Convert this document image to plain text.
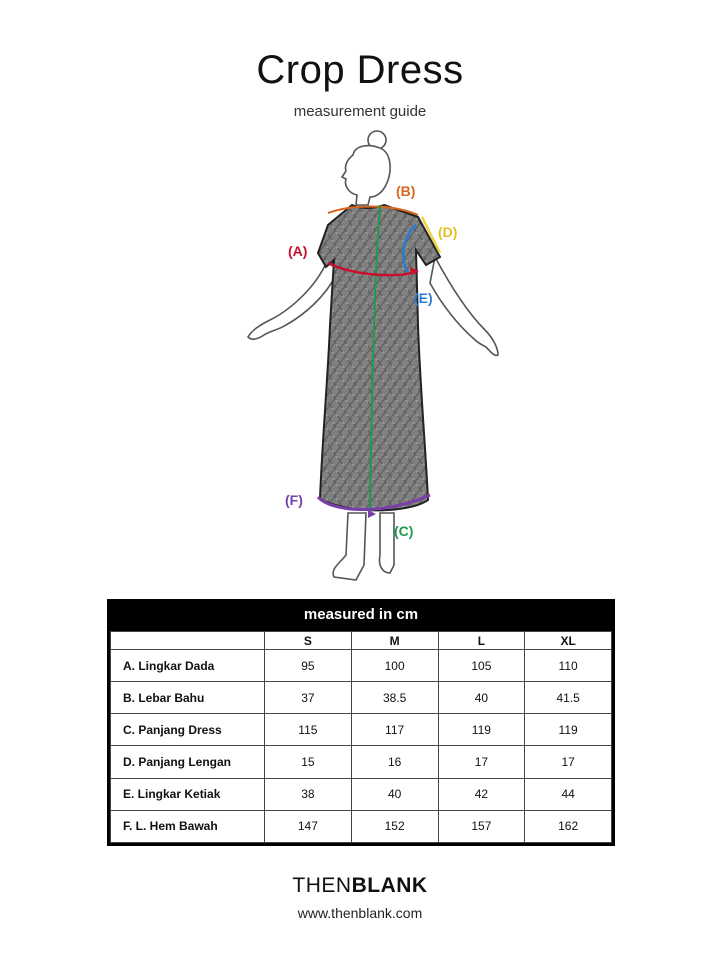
Crop Dress
measurement guide
(B)
(A)
(D)
(E)
(F)
(C)
measured in cm
	S	M	L	XL
A. Lingkar Dada	95	100	105	110
B. Lebar Bahu	37	38.5	40	41.5
C. Panjang Dress	115	117	119	119
D. Panjang Lengan	15	16	17	17
E. Lingkar Ketiak	38	40	42	44
F. L. Hem Bawah	147	152	157	162
THENBLANK
www.thenblank.com
